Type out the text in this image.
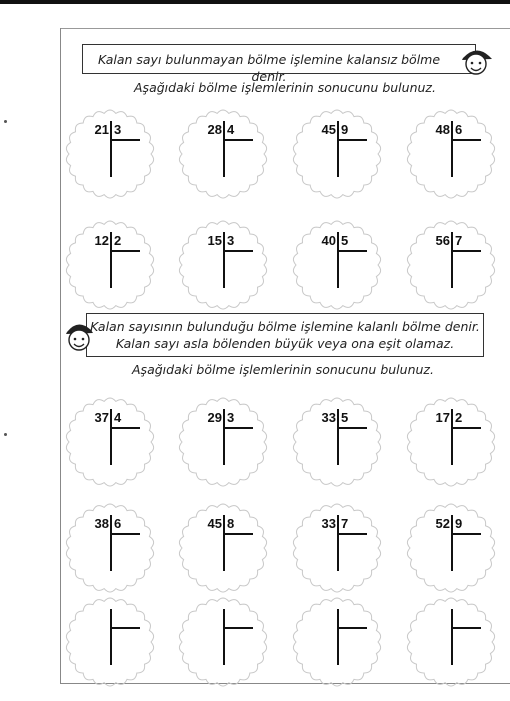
Kalan sayı bulunmayan bölme işlemine kalansız bölme denir.
Aşağıdaki bölme işlemlerinin sonucunu bulunuz.
21 3	28 4	45 9	48 6
12 2	15 3	40 5	56 7
Kalan sayısının bulunduğu bölme işlemine kalanlı bölme denir.
Kalan sayı asla bölenden büyük veya ona eşit olamaz.
Aşağıdaki bölme işlemlerinin sonucunu bulunuz.
37 4	29 3	33 5	17 2
38 6	45 8	33 7	52 9
